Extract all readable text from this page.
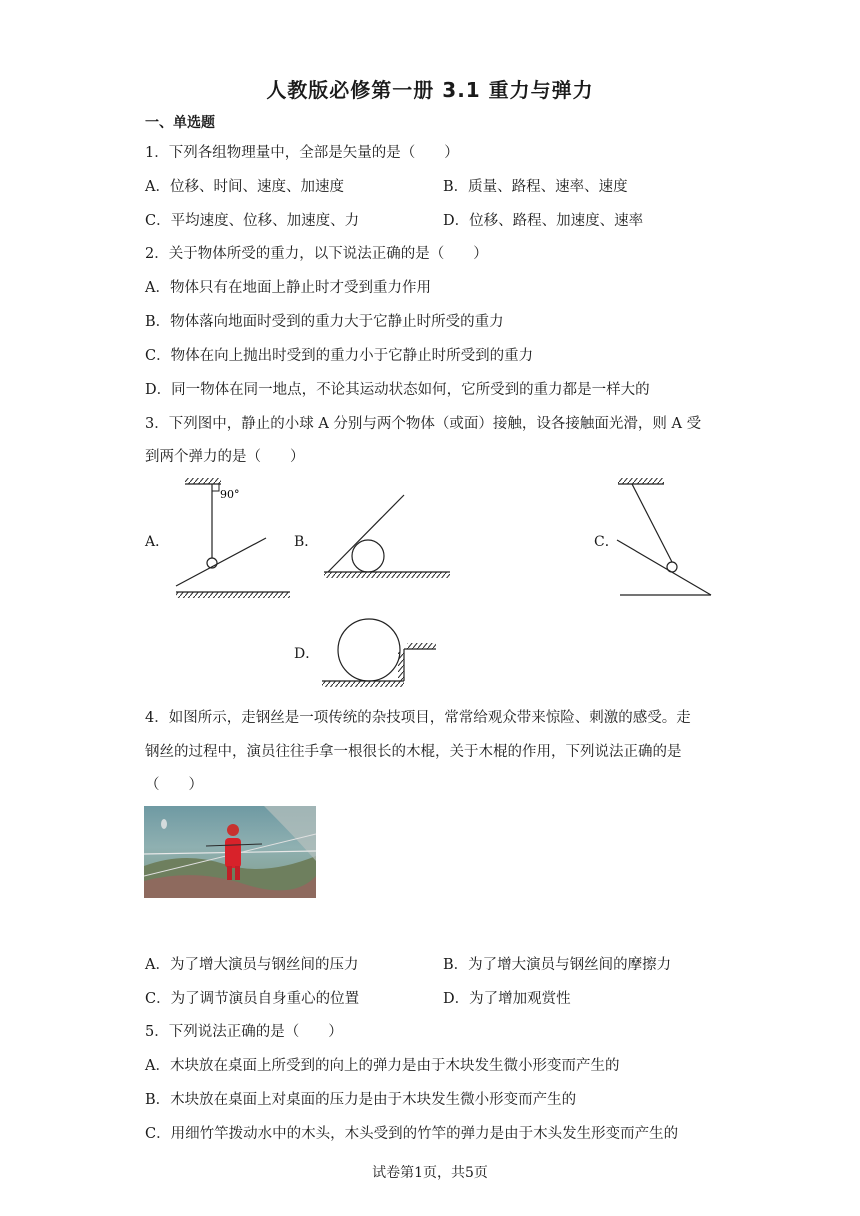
人教版必修第一册 3.1 重力与弹力
一、单选题
1．下列各组物理量中，全部是矢量的是（　　）
A．位移、时间、速度、加速度	B．质量、路程、速率、速度
C．平均速度、位移、加速度、力	D．位移、路程、加速度、速率
2．关于物体所受的重力，以下说法正确的是（　　）
A．物体只有在地面上静止时才受到重力作用
B．物体落向地面时受到的重力大于它静止时所受的重力
C．物体在向上抛出时受到的重力小于它静止时所受到的重力
D．同一物体在同一地点，不论其运动状态如何，它所受到的重力都是一样大的
3．下列图中，静止的小球 A 分别与两个物体（或面）接触，设各接触面光滑，则 A 受
到两个弹力的是（　　）
A．
90°
B．	C．
D．
4．如图所示，走钢丝是一项传统的杂技项目，常常给观众带来惊险、刺激的感受。走
钢丝的过程中，演员往往手拿一根很长的木棍，关于木棍的作用，下列说法正确的是
（　　）
A．为了增大演员与钢丝间的压力	B．为了增大演员与钢丝间的摩擦力
C．为了调节演员自身重心的位置	D．为了增加观赏性
5．下列说法正确的是（　　）
A．木块放在桌面上所受到的向上的弹力是由于木块发生微小形变而产生的
B．木块放在桌面上对桌面的压力是由于木块发生微小形变而产生的
C．用细竹竿拨动水中的木头，木头受到的竹竿的弹力是由于木头发生形变而产生的
试卷第1页，共5页
